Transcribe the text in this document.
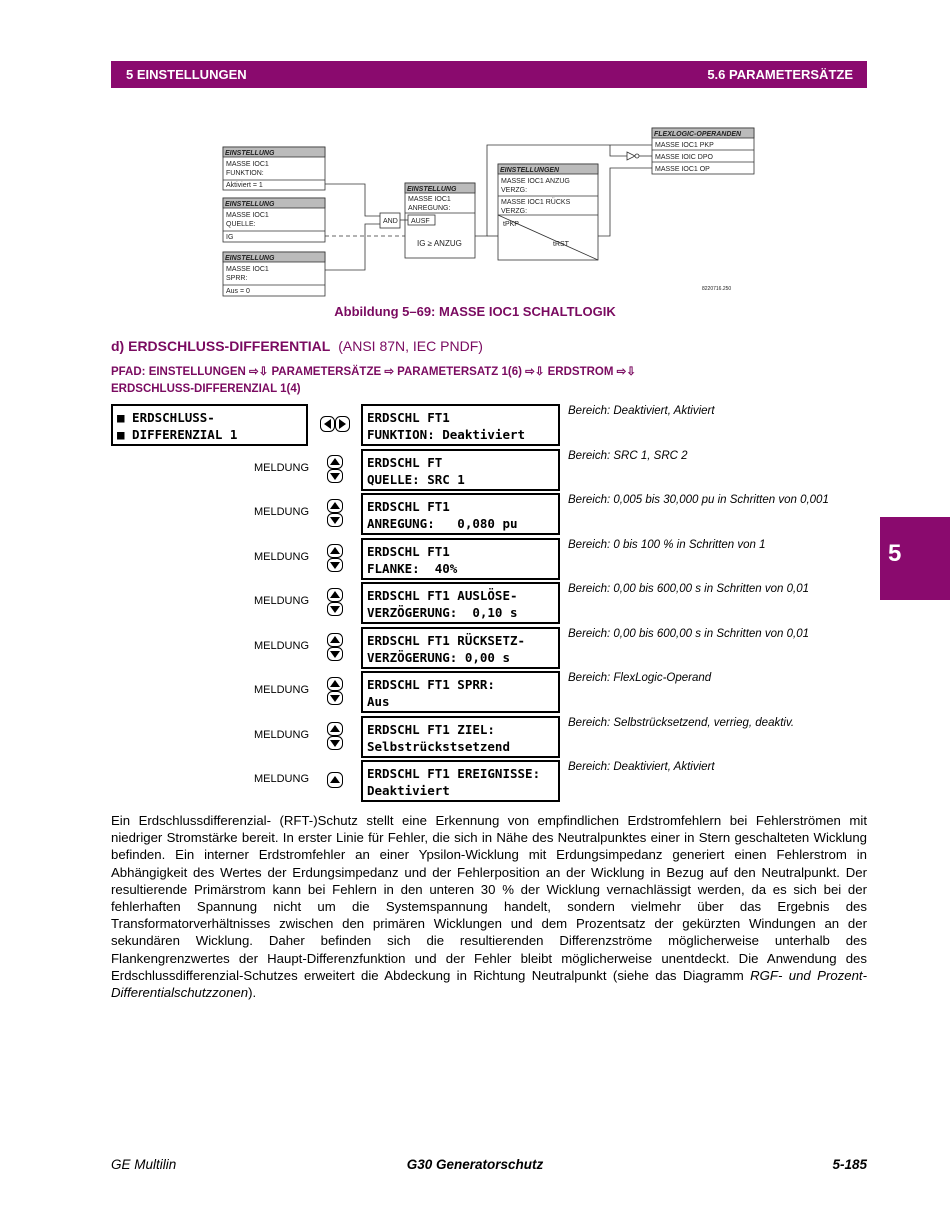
5 EINSTELLUNGEN	5.6 PARAMETERSÄTZE
5
EINSTELLUNG
MASSE IOC1
FUNKTION:
Aktiviert = 1
EINSTELLUNG
MASSE IOC1
QUELLE:
IG
EINSTELLUNG
MASSE IOC1
SPRR:
Aus = 0
EINSTELLUNG
MASSE IOC1
ANREGUNG:
AUSF
AND
IG ≥ ANZUG
EINSTELLUNGEN
MASSE IOC1 ANZUG
VERZG:
MASSE IOC1 RÜCKS
VERZG:
tPKP
tRST
FLEXLOGIC-OPERANDEN
MASSE IOC1 PKP
MASSE IOIC DPO
MASSE IOC1 OP
8220716.250
Abbildung 5–69: MASSE IOC1 SCHALTLOGIK
d) ERDSCHLUSS-DIFFERENTIAL (ANSI 87N, IEC PNDF)
PFAD: EINSTELLUNGEN ⇨⇩ PARAMETERSÄTZE ⇨ PARAMETERSATZ 1(6) ⇨⇩ ERDSTROM ⇨⇩
ERDSCHLUSS-DIFFERENZIAL 1(4)
■ ERDSCHLUSS-
■ DIFFERENZIAL 1
ERDSCHL FT1
FUNKTION: Deaktiviert
Bereich: Deaktiviert, Aktiviert
ERDSCHL FT
QUELLE: SRC 1
Bereich: SRC 1, SRC 2
MELDUNG
ERDSCHL FT1
ANREGUNG:   0,080 pu
Bereich: 0,005 bis 30,000 pu in Schritten von 0,001
MELDUNG
ERDSCHL FT1
FLANKE:  40%
Bereich: 0 bis 100 % in Schritten von 1
MELDUNG
ERDSCHL FT1 AUSLÖSE-
VERZÖGERUNG:  0,10 s
Bereich: 0,00 bis 600,00 s in Schritten von 0,01
MELDUNG
ERDSCHL FT1 RÜCKSETZ-
VERZÖGERUNG: 0,00 s
Bereich: 0,00 bis 600,00 s in Schritten von 0,01
MELDUNG
ERDSCHL FT1 SPRR:
Aus
Bereich: FlexLogic-Operand
MELDUNG
ERDSCHL FT1 ZIEL:
Selbstrückstsetzend
Bereich: Selbstrücksetzend, verrieg, deaktiv.
MELDUNG
ERDSCHL FT1 EREIGNISSE:
Deaktiviert
Bereich: Deaktiviert, Aktiviert
MELDUNG
Ein Erdschlussdifferenzial- (RFT-)Schutz stellt eine Erkennung von empfindlichen Erdstromfehlern bei Fehlerströmen mit niedriger Stromstärke bereit. In erster Linie für Fehler, die sich in Nähe des Neutralpunktes einer in Stern geschalteten Wicklung befinden. Ein interner Erdstromfehler an einer Ypsilon-Wicklung mit Erdungsimpedanz generiert einen Fehlerstrom in Abhängigkeit des Wertes der Erdungsimpedanz und der Fehlerposition an der Wicklung in Bezug auf den Neutralpunkt. Der resultierende Primärstrom kann bei Fehlern in den unteren 30 % der Wicklung vernachlässigt werden, da es sich bei der fehlerhaften Spannung nicht um die Systemspannung handelt, sondern vielmehr über das Ergebnis des Transformatorverhältnisses zwischen den primären Wicklungen und dem Prozentsatz der gekürzten Windungen an der sekundären Wicklung. Daher befinden sich die resultierenden Differenzströme möglicherweise unterhalb des Flankengrenzwertes der Haupt-Differenzfunktion und der Fehler bleibt möglicherweise unentdeckt. Die Anwendung des Erdschlussdifferenzial-Schutzes erweitert die Abdeckung in Richtung Neutralpunkt (siehe das Diagramm RGF- und Prozent-Differentialschutzzonen).
GE Multilin	G30 Generatorschutz	5-185
